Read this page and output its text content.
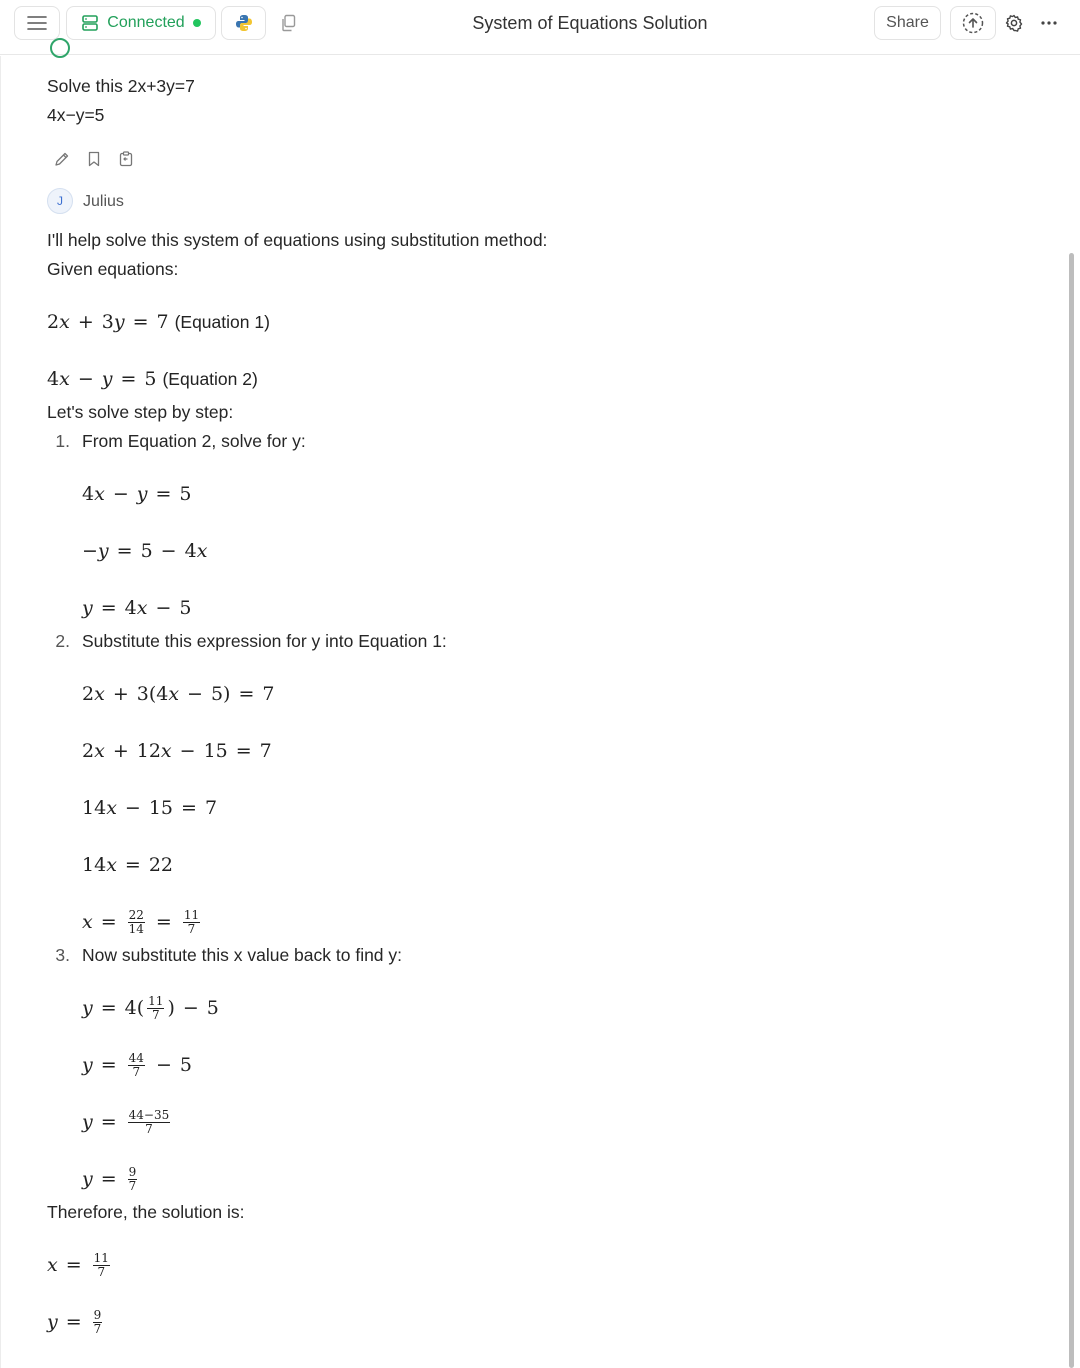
Connected	System of Equations Solution	Share
Solve this 2x+3y=7
4x−y=5
J	Julius
I'll help solve this system of equations using substitution method:
Given equations:
2 x + 3 y = 7 (Equation 1)
4 x − y = 5 (Equation 2)
Let's solve step by step:
1. From Equation 2, solve for y:
4 x − y = 5
− y = 5 − 4 x
y = 4 x − 5
2. Substitute this expression for y into Equation 1:
2 x + 3(4 x − 5) = 7
2 x + 12 x − 15 = 7
14 x − 15 = 7
14 x = 22
$x = \frac{22}{14} = \frac{11}{7}$
3. Now substitute this x value back to find y:
$y = 4( \frac{11}{7}$ ) − 5
$y = \frac{44}{7} - 5$
$y = \frac{44-35}{7}$
$y = \frac{9}{7}$
Therefore, the solution is:
$x = \frac{11}{7}$
$y = \frac{9}{7}$
